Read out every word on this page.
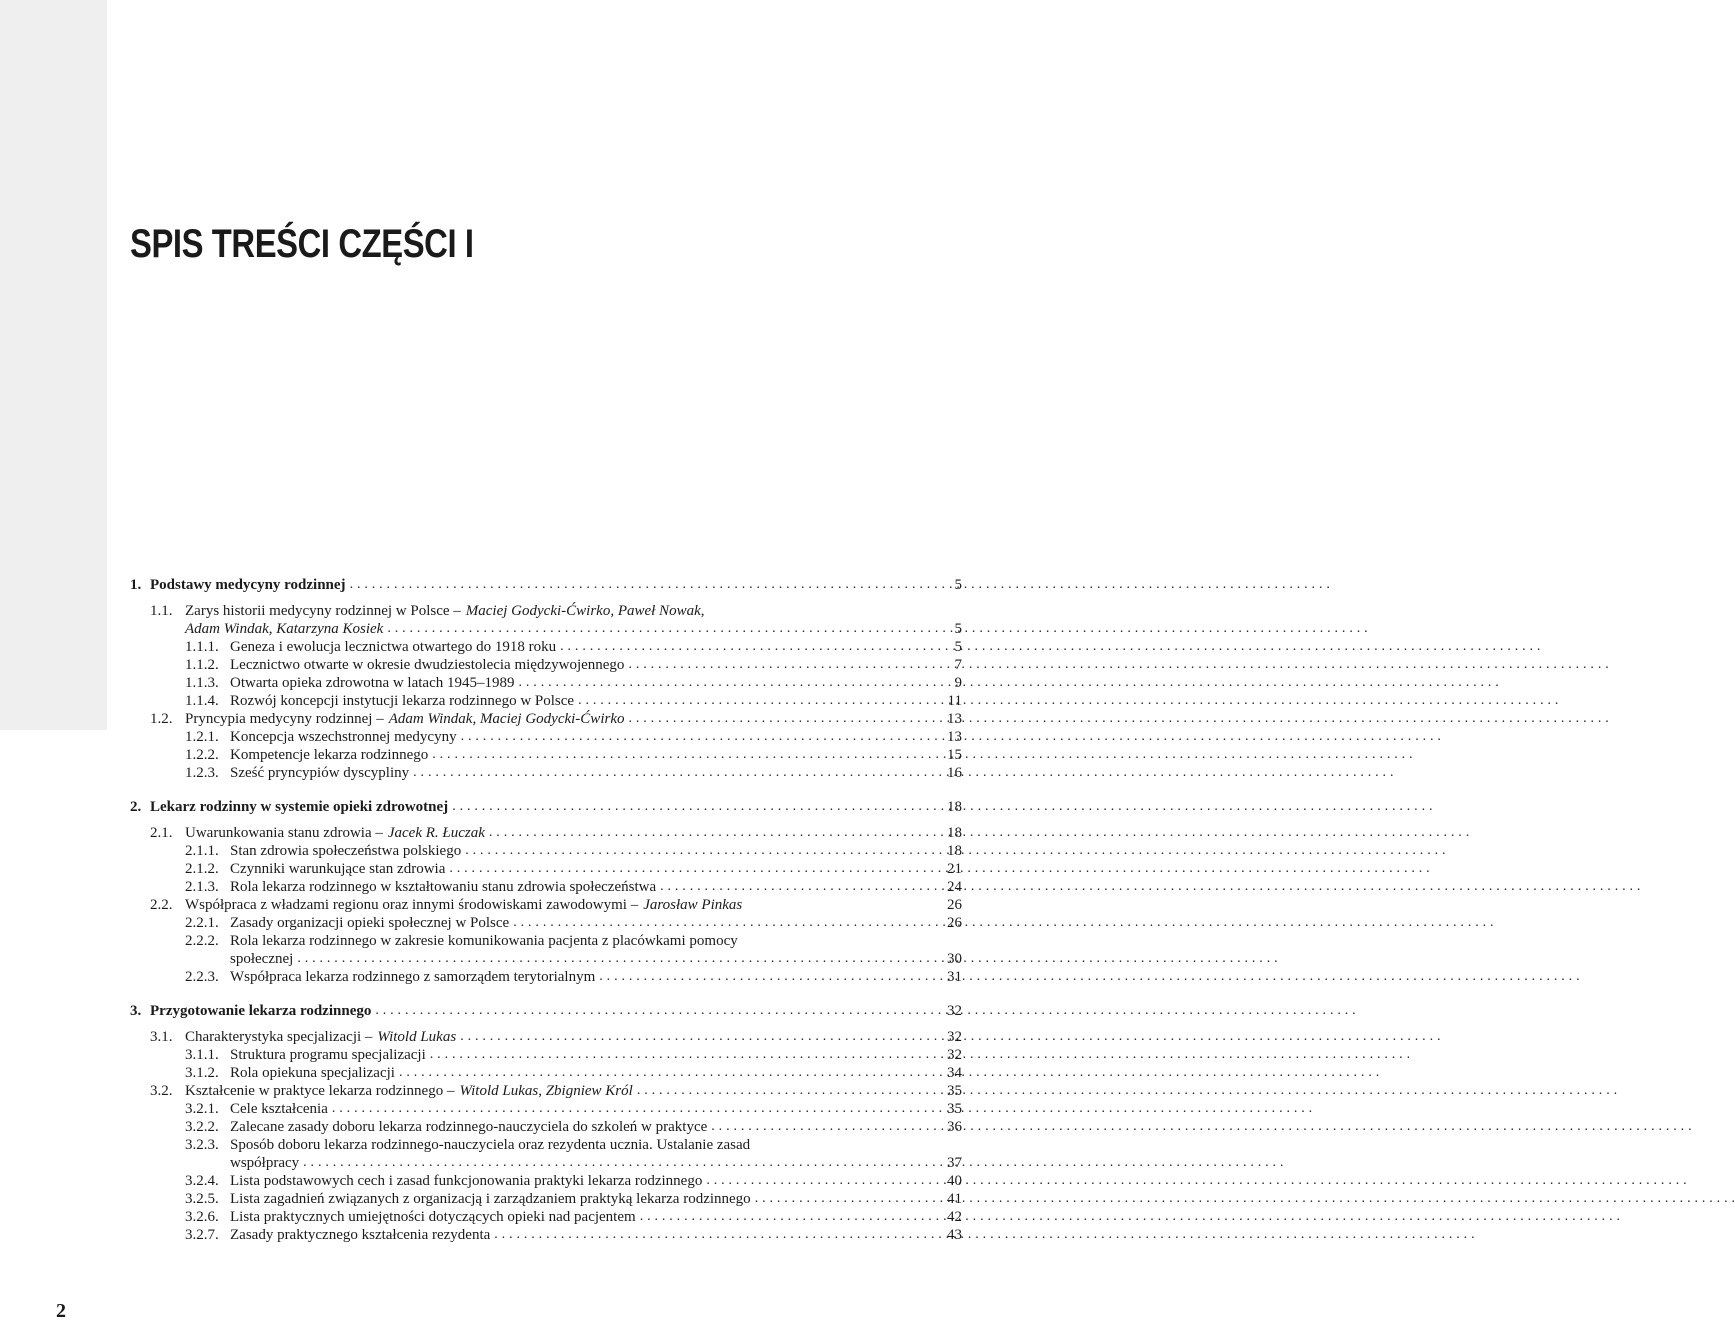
SPIS TREŚCI CZĘŚCI I
1. Podstawy medycyny rodzinnej . . .	5
1.1. Zarys historii medycyny rodzinnej w Polsce – Maciej Godycki-Ćwirko, Paweł Nowak,
Adam Windak, Katarzyna Kosiek . . .	5
1.1.1. Geneza i ewolucja lecznictwa otwartego do 1918 roku . . .	5
1.1.2. Lecznictwo otwarte w okresie dwudziestolecia międzywojennego . . .	7
1.1.3. Otwarta opieka zdrowotna w latach 1945–1989 . . .	9
1.1.4. Rozwój koncepcji instytucji lekarza rodzinnego w Polsce . . .	11
1.2. Pryncypia medycyny rodzinnej – Adam Windak, Maciej Godycki-Ćwirko . . .	13
1.2.1. Koncepcja wszechstronnej medycyny . . .	13
1.2.2. Kompetencje lekarza rodzinnego . . .	15
1.2.3. Sześć pryncypiów dyscypliny . . .	16
2. Lekarz rodzinny w systemie opieki zdrowotnej . . .	18
2.1. Uwarunkowania stanu zdrowia – Jacek R. Łuczak . . .	18
2.1.1. Stan zdrowia społeczeństwa polskiego . . .	18
2.1.2. Czynniki warunkujące stan zdrowia . . .	21
2.1.3. Rola lekarza rodzinnego w kształtowaniu stanu zdrowia społeczeństwa . . .	24
2.2. Współpraca z władzami regionu oraz innymi środowiskami zawodowymi – Jarosław Pinkas	26
2.2.1. Zasady organizacji opieki społecznej w Polsce . . .	26
2.2.2. Rola lekarza rodzinnego w zakresie komunikowania pacjenta z placówkami pomocy
społecznej . . .	30
2.2.3. Współpraca lekarza rodzinnego z samorządem terytorialnym . . .	31
3. Przygotowanie lekarza rodzinnego . . .	32
3.1. Charakterystyka specjalizacji – Witold Lukas . . .	32
3.1.1. Struktura programu specjalizacji . . .	32
3.1.2. Rola opiekuna specjalizacji . . .	34
3.2. Kształcenie w praktyce lekarza rodzinnego – Witold Lukas, Zbigniew Król . . .	35
3.2.1. Cele kształcenia . . .	35
3.2.2. Zalecane zasady doboru lekarza rodzinnego-nauczyciela do szkoleń w praktyce . . .	36
3.2.3. Sposób doboru lekarza rodzinnego-nauczyciela oraz rezydenta ucznia. Ustalanie zasad
współpracy . . .	37
3.2.4. Lista podstawowych cech i zasad funkcjonowania praktyki lekarza rodzinnego . . .	40
3.2.5. Lista zagadnień związanych z organizacją i zarządzaniem praktyką lekarza rodzinnego . . .	41
3.2.6. Lista praktycznych umiejętności dotyczących opieki nad pacjentem . . .	42
3.2.7. Zasady praktycznego kształcenia rezydenta . . .	43
2
